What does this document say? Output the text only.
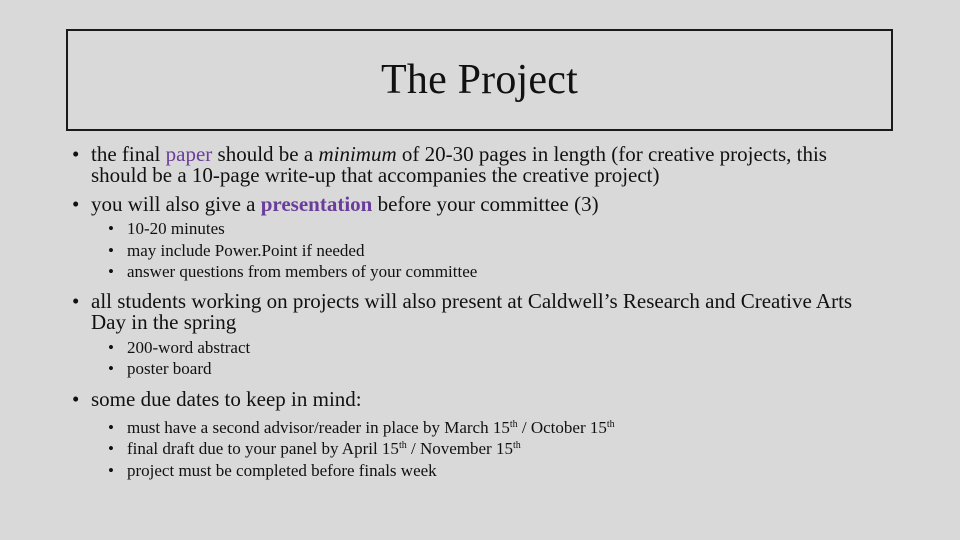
The Project

• the final paper should be a minimum of 20-30 pages in length (for creative projects, this should be a 10-page write-up that accompanies the creative project)

• you will also give a presentation before your committee (3)

• 10-20 minutes

• may include Power.Point if needed

• answer questions from members of your committee

• all students working on projects will also present at Caldwell’s Research and Creative Arts Day in the spring

• 200-word abstract

• poster board

• some due dates to keep in mind:

• must have a second advisor/reader in place by March 15th / October 15th

• final draft due to your panel by April 15th / November 15th

• project must be completed before finals week
